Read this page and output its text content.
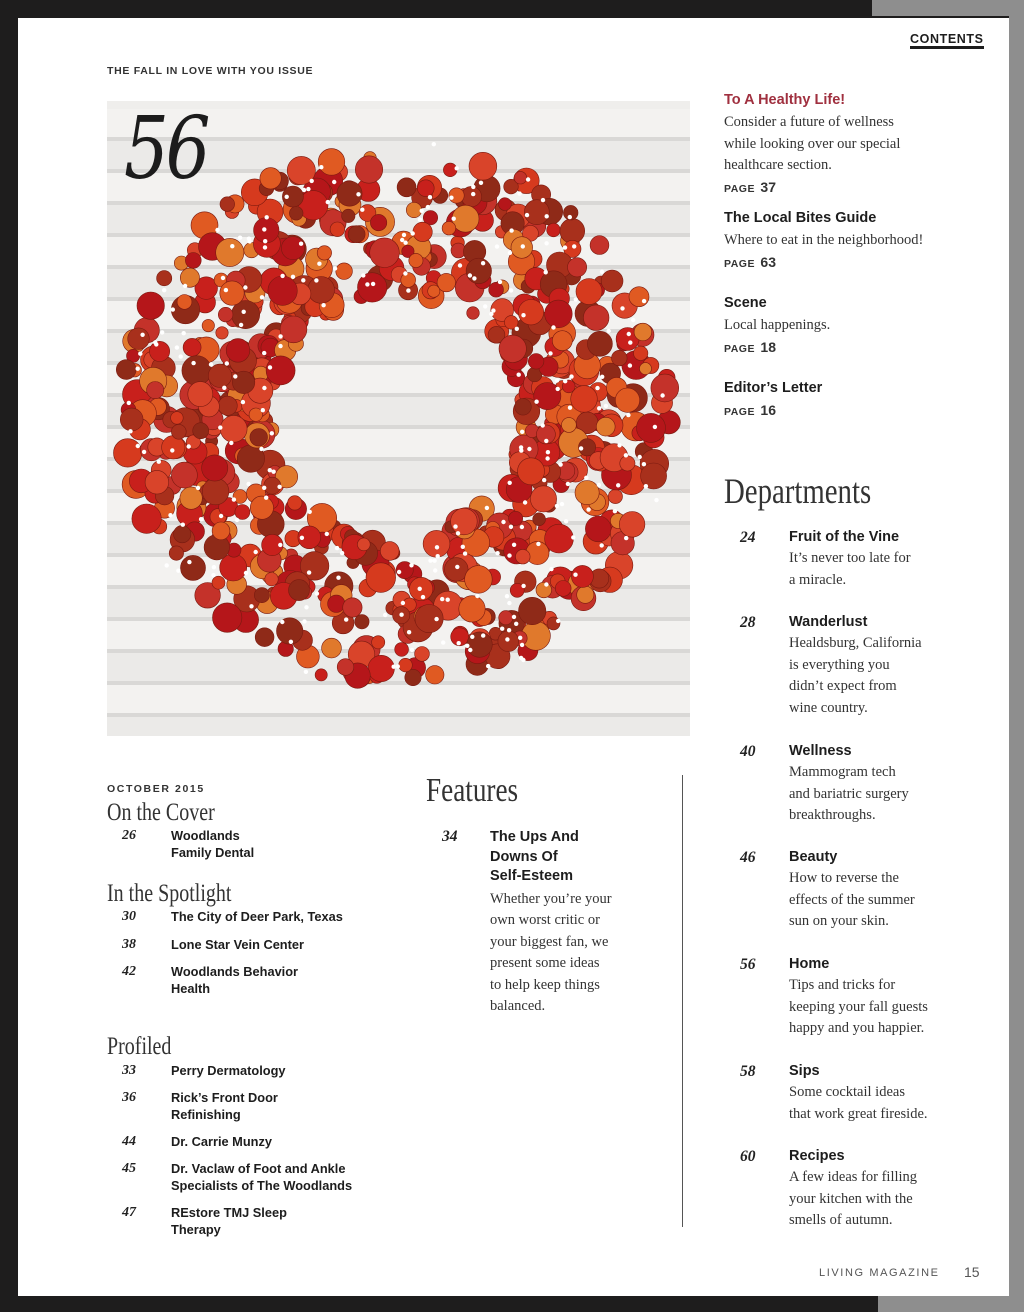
CONTENTS
THE FALL IN LOVE WITH YOU ISSUE
56	To A Healthy Life!
Consider a future of wellness
while looking over our special
healthcare section.
PAGE 37
The Local Bites Guide
Where to eat in the neighborhood!
PAGE 63
Scene
Local happenings.
PAGE 18
Editor’s Letter
PAGE 16
Departments
24 Fruit of the Vine
It’s never too late for
a miracle.
28 Wanderlust
Healdsburg, California
is everything you
didn’t expect from
wine country.
40 Wellness
Mammogram tech
and bariatric surgery
breakthroughs.
46 Beauty
How to reverse the
effects of the summer
sun on your skin.
56 Home
Tips and tricks for
keeping your fall guests
happy and you happier.
58 Sips
Some cocktail ideas
that work great fireside.
60 Recipes
A few ideas for filling
your kitchen with the
smells of autumn.
OCTOBER 2015
On the Cover
26	Woodlands
Family Dental
In the Spotlight
30	The City of Deer Park, Texas
38	Lone Star Vein Center
42	Woodlands Behavior
Health
Profiled
33	Perry Dermatology
36	Rick’s Front Door
Refinishing
44	Dr. Carrie Munzy
45	Dr. Vaclaw of Foot and Ankle
Specialists of The Woodlands
47	REstore TMJ Sleep
Therapy
Features
34 The Ups And
Downs Of
Self-Esteem
Whether you’re your
own worst critic or
your biggest fan, we
present some ideas
to help keep things
balanced.
LIVING MAGAZINE 15
